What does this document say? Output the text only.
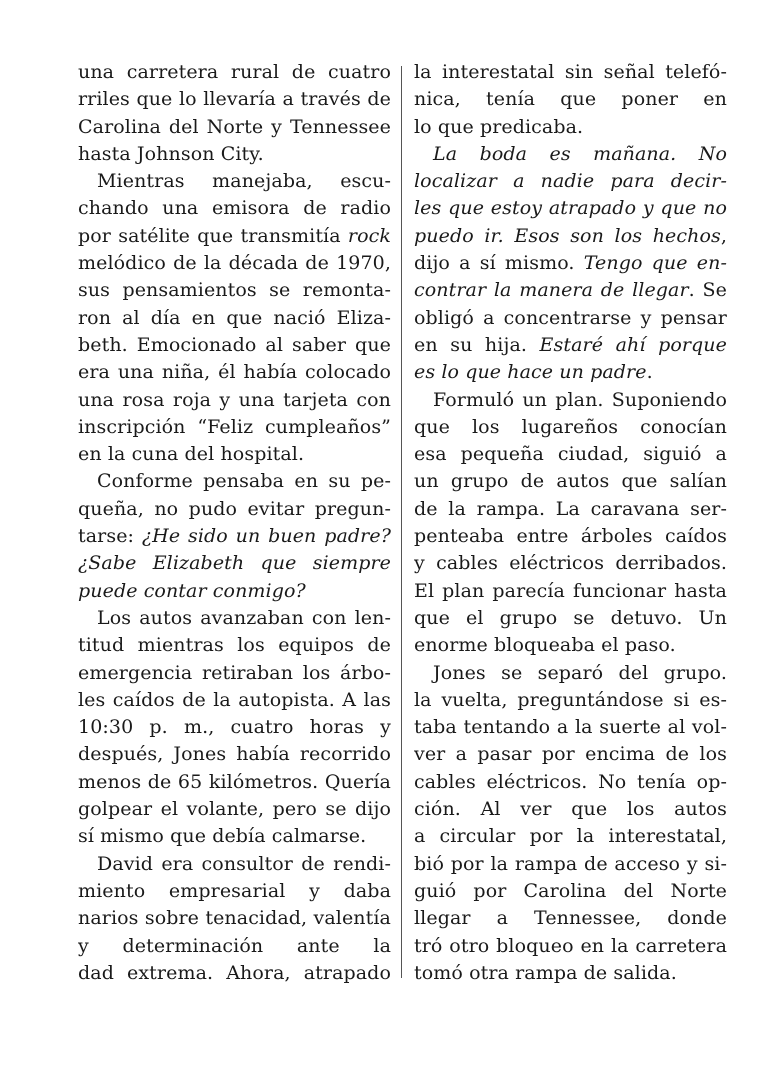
una carretera rural de cuatro
rriles que lo llevaría a través de
Carolina del Norte y Tennessee
hasta Johnson City.
Mientras manejaba, escu-
chando una emisora de radio
por satélite que transmitía rock
melódico de la década de 1970,
sus pensamientos se remonta-
ron al día en que nació Eliza-
beth. Emocionado al saber que
era una niña, él había colocado
una rosa roja y una tarjeta con
inscripción “Feliz cumpleaños”
en la cuna del hospital.
Conforme pensaba en su pe-
queña, no pudo evitar pregun-
tarse: ¿He sido un buen padre?
¿Sabe Elizabeth que siempre
puede contar conmigo?
Los autos avanzaban con len-
titud mientras los equipos de
emergencia retiraban los árbo-
les caídos de la autopista. A las
10:30 p. m., cuatro horas y
después, Jones había recorrido
menos de 65 kilómetros. Quería
golpear el volante, pero se dijo
sí mismo que debía calmarse.
David era consultor de rendi-
miento empresarial y daba
narios sobre tenacidad, valentía
y determinación ante la
dad extrema. Ahora, atrapado
la interestatal sin señal telefó-
nica, tenía que poner en
lo que predicaba.
La boda es mañana. No
localizar a nadie para decir-
les que estoy atrapado y que no
puedo ir. Esos son los hechos,
dijo a sí mismo. Tengo que en-
contrar la manera de llegar. Se
obligó a concentrarse y pensar
en su hija. Estaré ahí porque
es lo que hace un padre.
Formuló un plan. Suponiendo
que los lugareños conocían
esa pequeña ciudad, siguió a
un grupo de autos que salían
de la rampa. La caravana ser-
penteaba entre árboles caídos
y cables eléctricos derribados.
El plan parecía funcionar hasta
que el grupo se detuvo. Un
enorme bloqueaba el paso.
Jones se separó del grupo.
la vuelta, preguntándose si es-
taba tentando a la suerte al vol-
ver a pasar por encima de los
cables eléctricos. No tenía op-
ción. Al ver que los autos
a circular por la interestatal,
bió por la rampa de acceso y si-
guió por Carolina del Norte
llegar a Tennessee, donde
tró otro bloqueo en la carretera
tomó otra rampa de salida.
